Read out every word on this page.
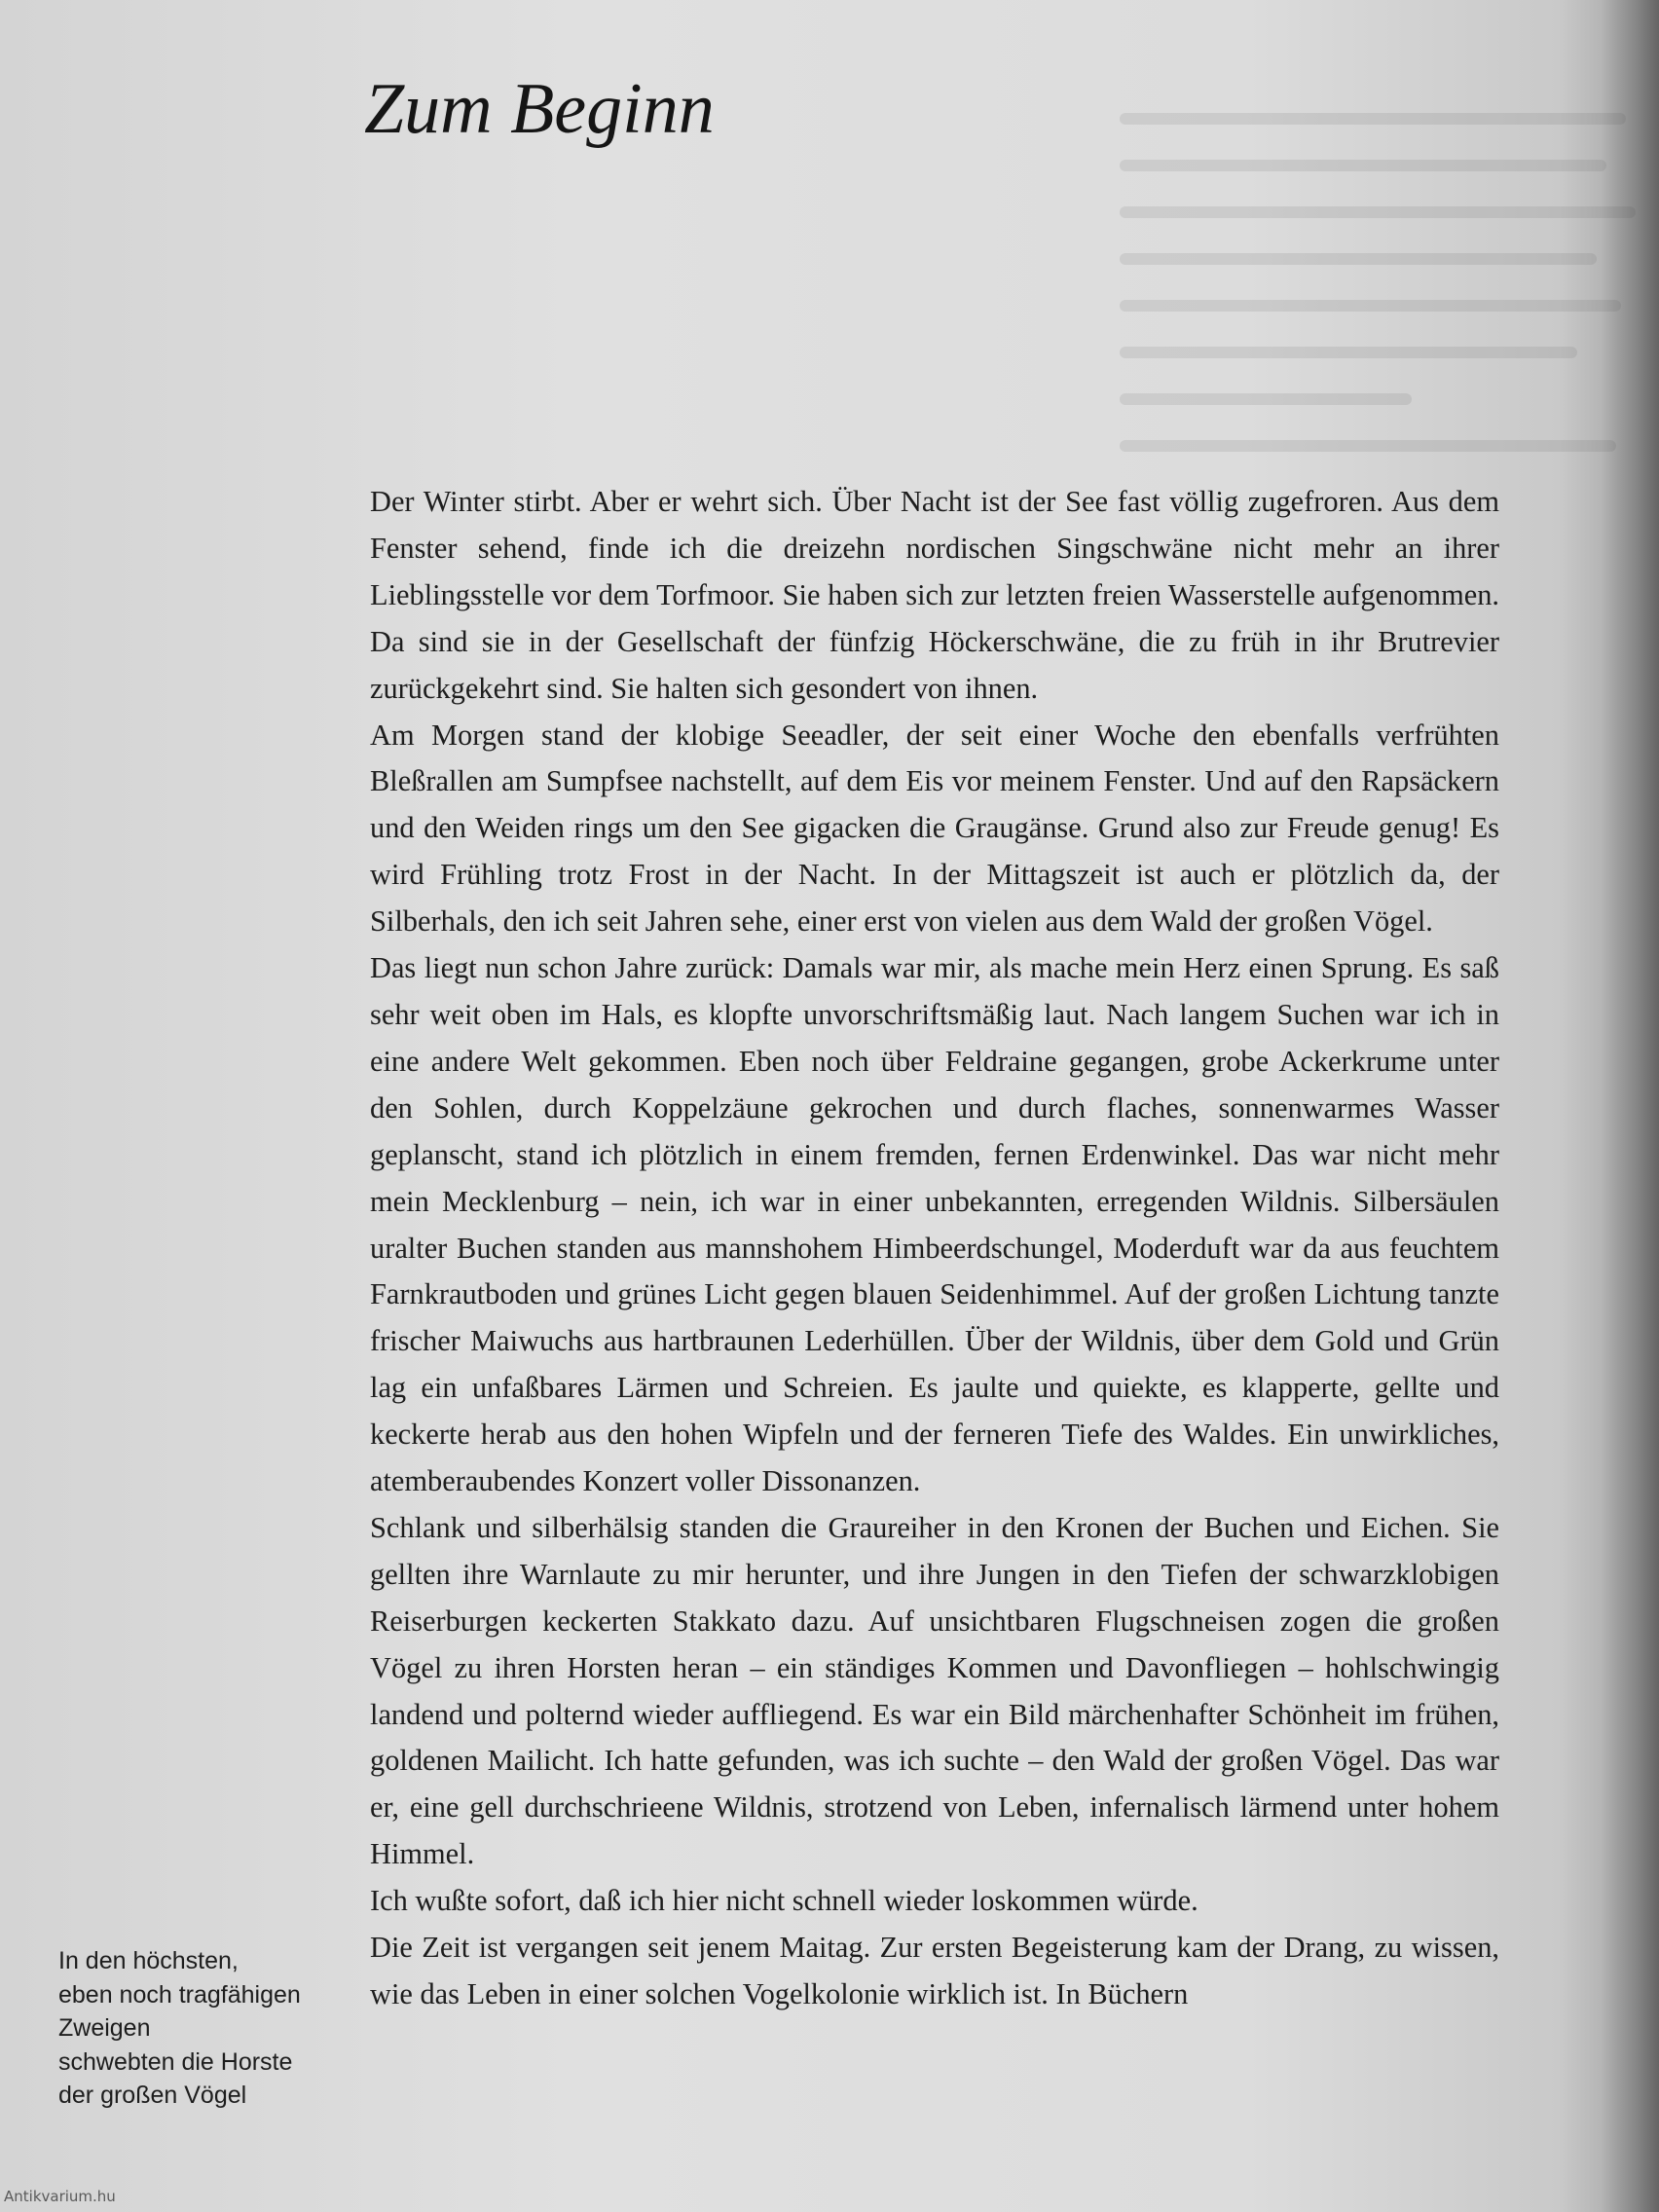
Zum Beginn

Der Winter stirbt. Aber er wehrt sich. Über Nacht ist der See fast völlig zugefroren. Aus dem Fenster sehend, finde ich die dreizehn nordischen Singschwäne nicht mehr an ihrer Lieblingsstelle vor dem Torfmoor. Sie haben sich zur letzten freien Wasserstelle aufgenommen. Da sind sie in der Gesellschaft der fünfzig Höckerschwäne, die zu früh in ihr Brutrevier zurückgekehrt sind. Sie halten sich gesondert von ihnen.

Am Morgen stand der klobige Seeadler, der seit einer Woche den ebenfalls verfrühten Bleßrallen am Sumpfsee nachstellt, auf dem Eis vor meinem Fenster. Und auf den Rapsäckern und den Weiden rings um den See gigacken die Graugänse. Grund also zur Freude genug! Es wird Frühling trotz Frost in der Nacht. In der Mittagszeit ist auch er plötzlich da, der Silberhals, den ich seit Jahren sehe, einer erst von vielen aus dem Wald der großen Vögel.

Das liegt nun schon Jahre zurück: Damals war mir, als mache mein Herz einen Sprung. Es saß sehr weit oben im Hals, es klopfte unvorschriftsmäßig laut. Nach langem Suchen war ich in eine andere Welt gekommen. Eben noch über Feldraine gegangen, grobe Ackerkrume unter den Sohlen, durch Koppelzäune gekrochen und durch flaches, sonnenwarmes Wasser geplanscht, stand ich plötzlich in einem fremden, fernen Erdenwinkel. Das war nicht mehr mein Mecklenburg – nein, ich war in einer unbekannten, erregenden Wildnis. Silbersäulen uralter Buchen standen aus mannshohem Himbeerdschungel, Moderduft war da aus feuchtem Farnkrautboden und grünes Licht gegen blauen Seidenhimmel. Auf der großen Lichtung tanzte frischer Maiwuchs aus hartbraunen Lederhüllen. Über der Wildnis, über dem Gold und Grün lag ein unfaßbares Lärmen und Schreien. Es jaulte und quiekte, es klapperte, gellte und keckerte herab aus den hohen Wipfeln und der ferneren Tiefe des Waldes. Ein unwirkliches, atemberaubendes Konzert voller Dissonanzen.

Schlank und silberhälsig standen die Graureiher in den Kronen der Buchen und Eichen. Sie gellten ihre Warnlaute zu mir herunter, und ihre Jungen in den Tiefen der schwarzklobigen Reiserburgen keckerten Stakkato dazu. Auf unsichtbaren Flugschneisen zogen die großen Vögel zu ihren Horsten heran – ein ständiges Kommen und Davonfliegen – hohlschwingig landend und polternd wieder auffliegend. Es war ein Bild märchenhafter Schönheit im frühen, goldenen Mailicht. Ich hatte gefunden, was ich suchte – den Wald der großen Vögel. Das war er, eine gell durchschrieene Wildnis, strotzend von Leben, infernalisch lärmend unter hohem Himmel.

Ich wußte sofort, daß ich hier nicht schnell wieder loskommen würde.

Die Zeit ist vergangen seit jenem Maitag. Zur ersten Begeisterung kam der Drang, zu wissen, wie das Leben in einer solchen Vogelkolonie wirklich ist. In Büchern

In den höchsten,
eben noch tragfähigen
Zweigen
schwebten die Horste
der großen Vögel
Antikvarium.hu
